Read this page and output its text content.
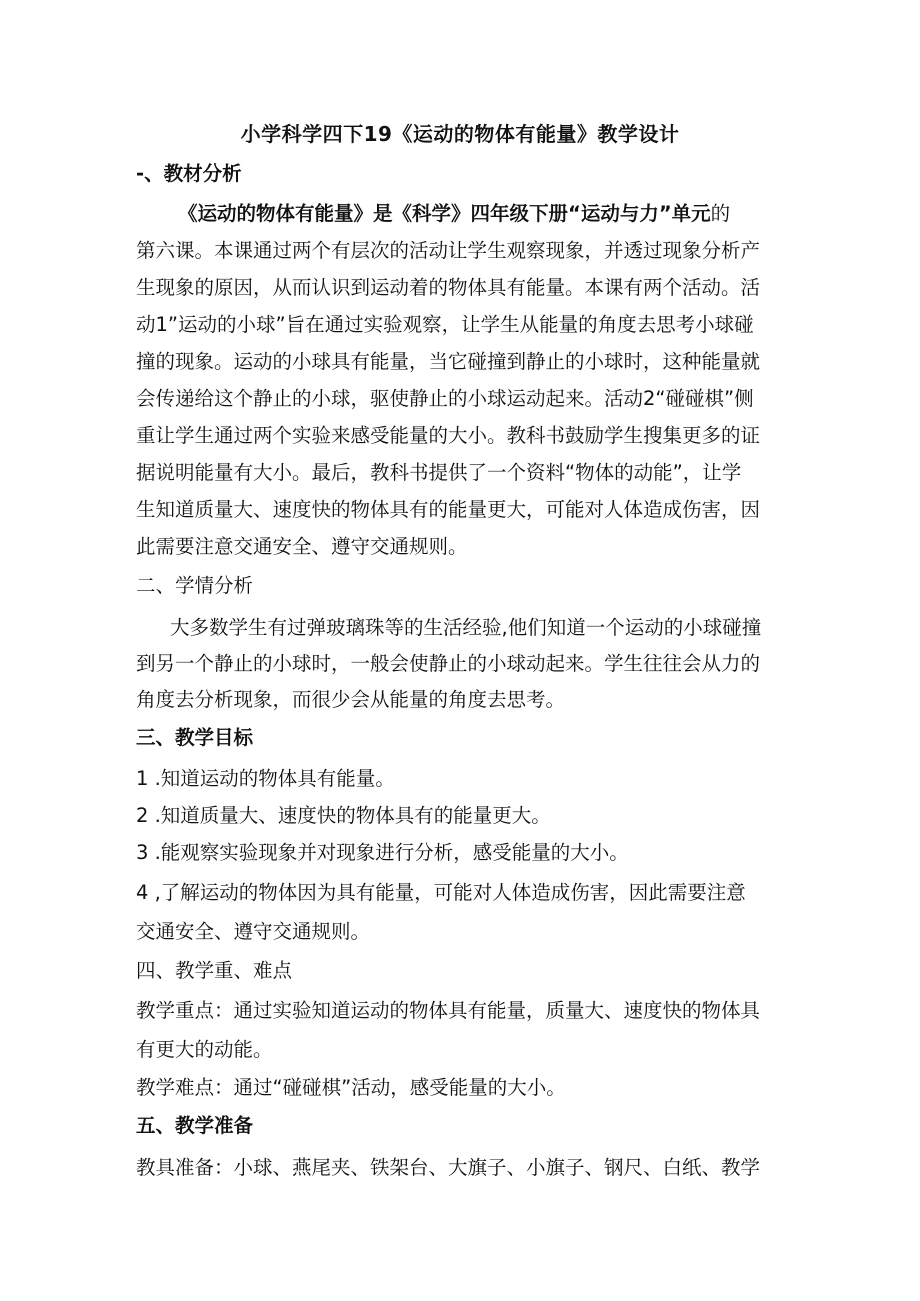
小学科学四下19《运动的物体有能量》教学设计
-、教材分析
《运动的物体有能量》是《科学》四年级下册“运动与力”单元的
第六课。本课通过两个有层次的活动让学生观察现象，并透过现象分析产
生现象的原因，从而认识到运动着的物体具有能量。本课有两个活动。活
动1”运动的小球”旨在通过实验观察，让学生从能量的角度去思考小球碰
撞的现象。运动的小球具有能量，当它碰撞到静止的小球时，这种能量就
会传递给这个静止的小球，驱使静止的小球运动起来。活动2“碰碰棋”侧
重让学生通过两个实验来感受能量的大小。教科书鼓励学生搜集更多的证
据说明能量有大小。最后，教科书提供了一个资料“物体的动能”，让学
生知道质量大、速度快的物体具有的能量更大，可能对人体造成伤害，因
此需要注意交通安全、遵守交通规则。
二、学情分析
大多数学生有过弹玻璃珠等的生活经验,他们知道一个运动的小球碰撞
到另一个静止的小球时，一般会使静止的小球动起来。学生往往会从力的
角度去分析现象，而很少会从能量的角度去思考。
三、教学目标
1 .知道运动的物体具有能量。
2 .知道质量大、速度快的物体具有的能量更大。
3 .能观察实验现象并对现象进行分析，感受能量的大小。
4 ,了解运动的物体因为具有能量，可能对人体造成伤害，因此需要注意
交通安全、遵守交通规则。
四、教学重、难点
教学重点：通过实验知道运动的物体具有能量，质量大、速度快的物体具
有更大的动能。
教学难点：通过“碰碰棋”活动，感受能量的大小。
五、教学准备
教具准备：小球、燕尾夹、铁架台、大旗子、小旗子、钢尺、白纸、教学
